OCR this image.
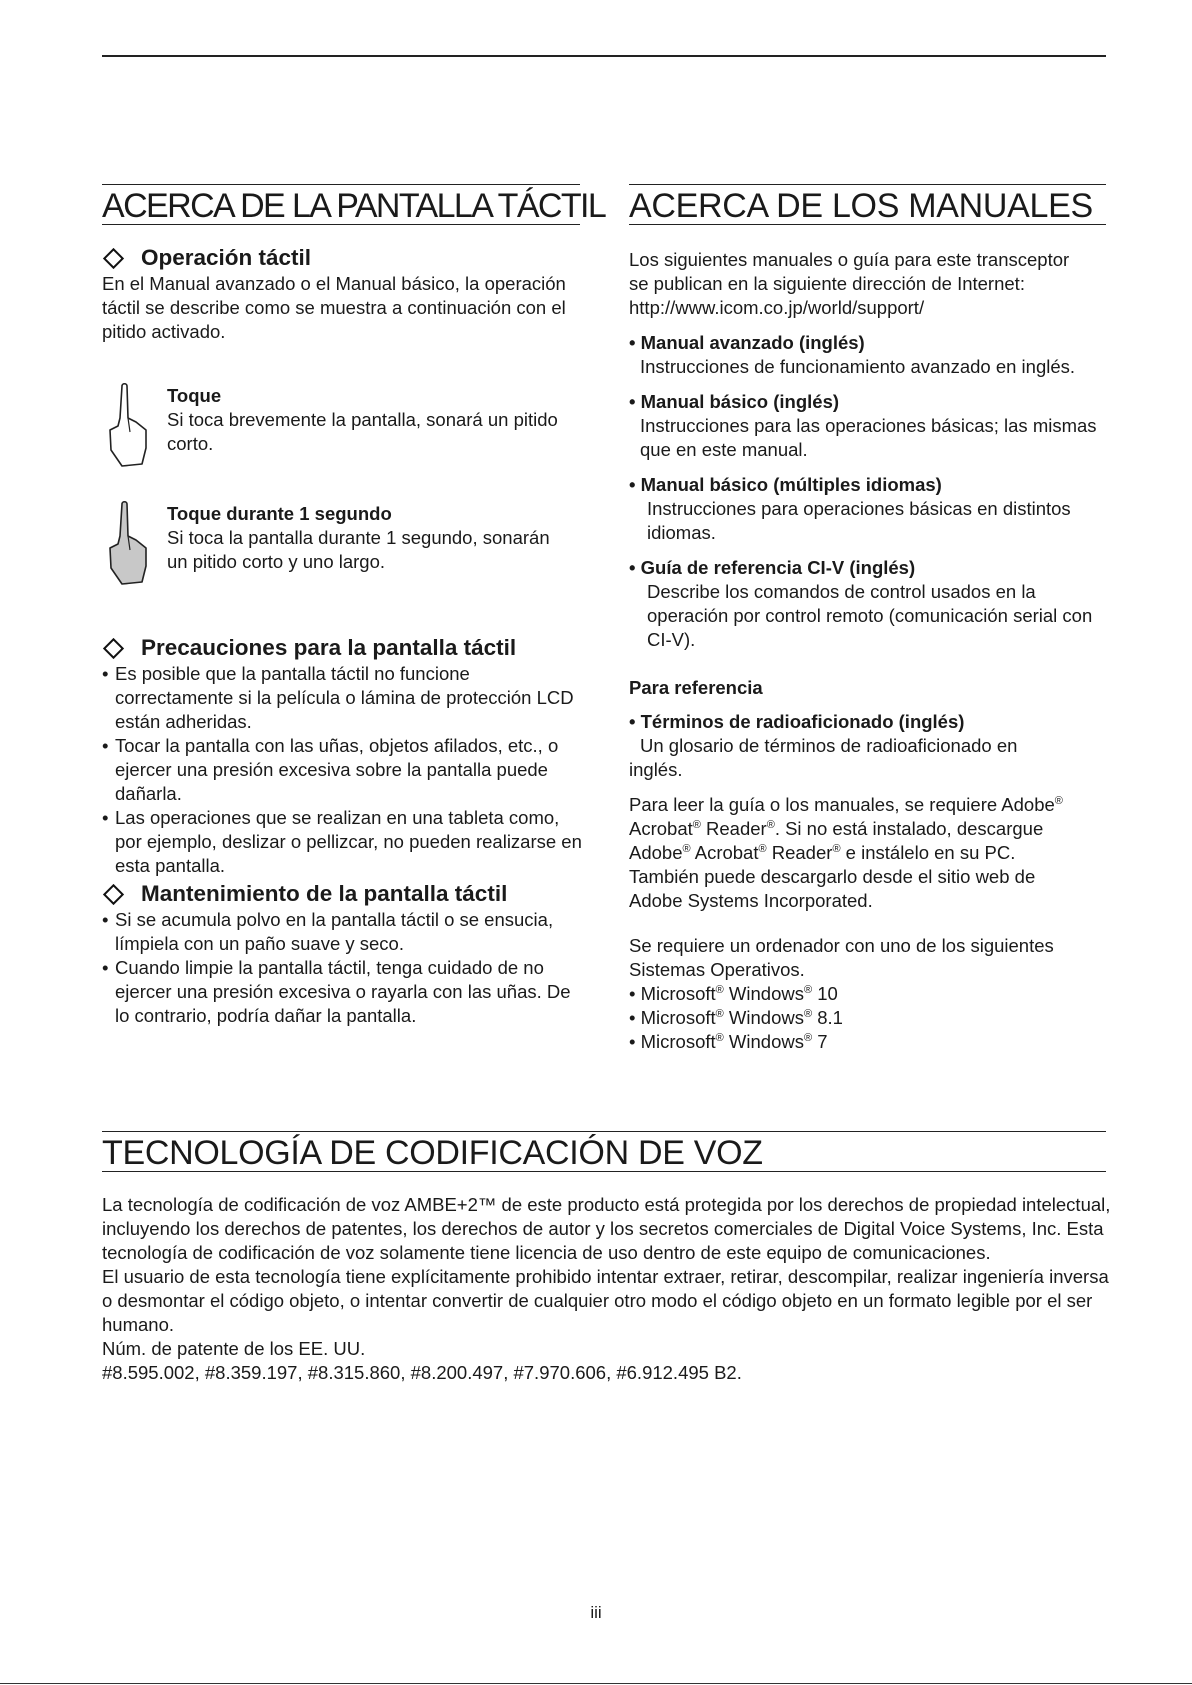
ACERCA DE LA PANTALLA TÁCTIL
Operación táctil

En el Manual avanzado o el Manual básico, la operación táctil se describe como se muestra a continuación con el pitido activado.

Toque
Si toca brevemente la pantalla, sonará un pitido corto.
Toque durante 1 segundo
Si toca la pantalla durante 1 segundo, sonarán un pitido corto y uno largo.
Precauciones para la pantalla táctil
• Es posible que la pantalla táctil no funcione correctamente si la película o lámina de protección LCD están adheridas.
• Tocar la pantalla con las uñas, objetos afilados, etc., o ejercer una presión excesiva sobre la pantalla puede dañarla.
• Las operaciones que se realizan en una tableta como, por ejemplo, deslizar o pellizcar, no pueden realizarse en esta pantalla.
Mantenimiento de la pantalla táctil
• Si se acumula polvo en la pantalla táctil o se ensucia, límpiela con un paño suave y seco.
• Cuando limpie la pantalla táctil, tenga cuidado de no ejercer una presión excesiva o rayarla con las uñas. De lo contrario, podría dañar la pantalla.
ACERCA DE LOS MANUALES

Los siguientes manuales o guía para este transceptor
se publican en la siguiente dirección de Internet:
http://www.icom.co.jp/world/support/

• Manual avanzado (inglés)
Instrucciones de funcionamiento avanzado en inglés.
• Manual básico (inglés)
Instrucciones para las operaciones básicas; las mismas que en este manual.
• Manual básico (múltiples idiomas)
Instrucciones para operaciones básicas en distintos idiomas.
• Guía de referencia CI-V (inglés)
Describe los comandos de control usados en la operación por control remoto (comunicación serial con CI-V).

Para referencia

• Términos de radioaficionado (inglés)
Un glosario de términos de radioaficionado en
inglés.

Para leer la guía o los manuales, se requiere Adobe®
Acrobat® Reader®. Si no está instalado, descargue
Adobe® Acrobat® Reader® e instálelo en su PC.
También puede descargarlo desde el sitio web de
Adobe Systems Incorporated.

Se requiere un ordenador con uno de los siguientes
Sistemas Operativos.

• Microsoft® Windows® 10
• Microsoft® Windows® 8.1
• Microsoft® Windows® 7
TECNOLOGÍA DE CODIFICACIÓN DE VOZ

La tecnología de codificación de voz AMBE+2™ de este producto está protegida por los derechos de propiedad intelectual, incluyendo los derechos de patentes, los derechos de autor y los secretos comerciales de Digital Voice Systems, Inc. Esta tecnología de codificación de voz solamente tiene licencia de uso dentro de este equipo de comunicaciones.

El usuario de esta tecnología tiene explícitamente prohibido intentar extraer, retirar, descompilar, realizar ingeniería inversa o desmontar el código objeto, o intentar convertir de cualquier otro modo el código objeto en un formato legible por el ser humano.

Núm. de patente de los EE. UU.

#8.595.002, #8.359.197, #8.315.860, #8.200.497, #7.970.606, #6.912.495 B2.

iii
